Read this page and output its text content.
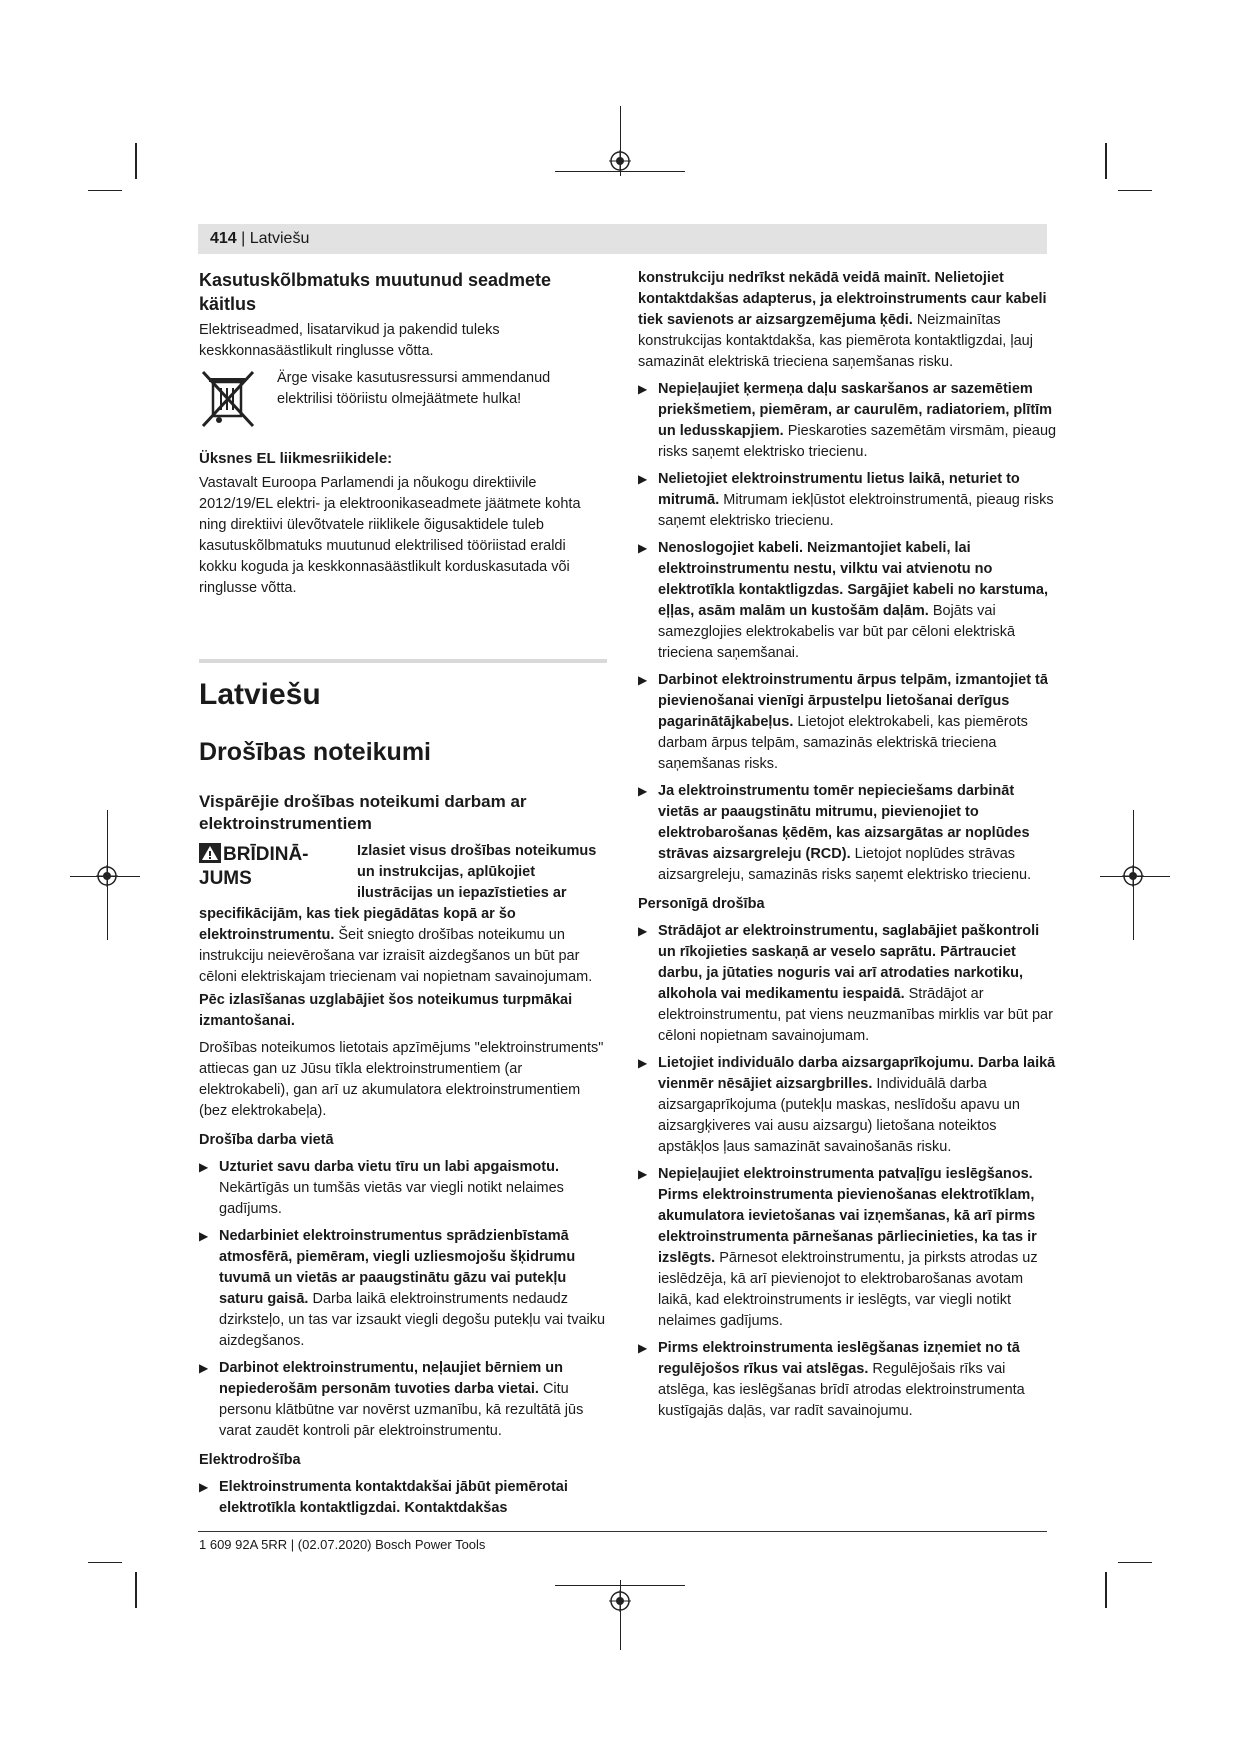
414 | Latviešu
Kasutuskõlbmatuks muutunud seadmete käitlus

Elektriseadmed, lisatarvikud ja pakendid tuleks keskkonnasäästlikult ringlusse võtta.

Ärge visake kasutusressursi ammendanud elektrilisi tööriistu olmejäätmete hulka!

Üksnes EL liikmesriikidele:

Vastavalt Euroopa Parlamendi ja nõukogu direktiivile 2012/19/EL elektri- ja elektroonikaseadmete jäätmete kohta ning direktiivi ülevõtvatele riiklikele õigusaktidele tuleb kasutuskõlbmatuks muutunud elektrilised tööriistad eraldi kokku koguda ja keskkonnasäästlikult korduskasutada või ringlusse võtta.

Latviešu
Drošības noteikumi
Vispārējie drošības noteikumi darbam ar elektroinstrumentiem
BRĪDINĀ-JUMS

Izlasiet visus drošības noteikumus un instrukcijas, aplūkojiet ilustrācijas un iepazīstieties ar specifikācijām, kas tiek piegādātas kopā ar šo elektroinstrumentu. Šeit sniegto drošības noteikumu un instrukciju neievērošana var izraisīt aizdegšanos un būt par cēloni elektriskajam triecienam vai nopietnam savainojumam.

Pēc izlasīšanas uzglabājiet šos noteikumus turpmākai izmantošanai.

Drošības noteikumos lietotais apzīmējums "elektroinstruments" attiecas gan uz Jūsu tīkla elektroinstrumentiem (ar elektrokabeli), gan arī uz akumulatora elektroinstrumentiem (bez elektrokabeļa).

Drošība darba vietā
▶ Uzturiet savu darba vietu tīru un labi apgaismotu. Nekārtīgās un tumšās vietās var viegli notikt nelaimes gadījums.
▶ Nedarbiniet elektroinstrumentus sprādzienbīstamā atmosfērā, piemēram, viegli uzliesmojošu šķidrumu tuvumā un vietās ar paaugstinātu gāzu vai putekļu saturu gaisā. Darba laikā elektroinstruments nedaudz dzirksteļo, un tas var izsaukt viegli degošu putekļu vai tvaiku aizdegšanos.
▶ Darbinot elektroinstrumentu, neļaujiet bērniem un nepiederošām personām tuvoties darba vietai. Citu personu klātbūtne var novērst uzmanību, kā rezultātā jūs varat zaudēt kontroli pār elektroinstrumentu.
Elektrodrošība
▶ Elektroinstrumenta kontaktdakšai jābūt piemērotai elektrotīkla kontaktligzdai. Kontaktdakšas

konstrukciju nedrīkst nekādā veidā mainīt. Nelietojiet kontaktdakšas adapterus, ja elektroinstruments caur kabeli tiek savienots ar aizsargzemējuma ķēdi. Neizmainītas konstrukcijas kontaktdakša, kas piemērota kontaktligzdai, ļauj samazināt elektriskā trieciena saņemšanas risku.

▶ Nepieļaujiet ķermeņa daļu saskaršanos ar sazemētiem priekšmetiem, piemēram, ar caurulēm, radiatoriem, plītīm un ledusskapjiem. Pieskaroties sazemētām virsmām, pieaug risks saņemt elektrisko triecienu.
▶ Nelietojiet elektroinstrumentu lietus laikā, neturiet to mitrumā. Mitrumam iekļūstot elektroinstrumentā, pieaug risks saņemt elektrisko triecienu.
▶ Nenoslogojiet kabeli. Neizmantojiet kabeli, lai elektroinstrumentu nestu, vilktu vai atvienotu no elektrotīkla kontaktligzdas. Sargājiet kabeli no karstuma, eļļas, asām malām un kustošām daļām. Bojāts vai samezglojies elektrokabelis var būt par cēloni elektriskā trieciena saņemšanai.
▶ Darbinot elektroinstrumentu ārpus telpām, izmantojiet tā pievienošanai vienīgi ārpustelpu lietošanai derīgus pagarinātājkabeļus. Lietojot elektrokabeli, kas piemērots darbam ārpus telpām, samazinās elektriskā trieciena saņemšanas risks.
▶ Ja elektroinstrumentu tomēr nepieciešams darbināt vietās ar paaugstinātu mitrumu, pievienojiet to elektrobarošanas ķēdēm, kas aizsargātas ar noplūdes strāvas aizsargreleju (RCD). Lietojot noplūdes strāvas aizsargreleju, samazinās risks saņemt elektrisko triecienu.
Personīgā drošība
▶ Strādājot ar elektroinstrumentu, saglabājiet paškontroli un rīkojieties saskaņā ar veselo saprātu. Pārtrauciet darbu, ja jūtaties noguris vai arī atrodaties narkotiku, alkohola vai medikamentu iespaidā. Strādājot ar elektroinstrumentu, pat viens neuzmanības mirklis var būt par cēloni nopietnam savainojumam.
▶ Lietojiet individuālo darba aizsargaprīkojumu. Darba laikā vienmēr nēsājiet aizsargbrilles. Individuālā darba aizsargaprīkojuma (putekļu maskas, neslīdošu apavu un aizsargķiveres vai ausu aizsargu) lietošana noteiktos apstākļos ļaus samazināt savainošanās risku.
▶ Nepieļaujiet elektroinstrumenta patvaļīgu ieslēgšanos. Pirms elektroinstrumenta pievienošanas elektrotīklam, akumulatora ievietošanas vai izņemšanas, kā arī pirms elektroinstrumenta pārnešanas pārliecinieties, ka tas ir izslēgts. Pārnesot elektroinstrumentu, ja pirksts atrodas uz ieslēdzēja, kā arī pievienojot to elektrobarošanas avotam laikā, kad elektroinstruments ir ieslēgts, var viegli notikt nelaimes gadījums.
▶ Pirms elektroinstrumenta ieslēgšanas izņemiet no tā regulējošos rīkus vai atslēgas. Regulējošais rīks vai atslēga, kas ieslēgšanas brīdī atrodas elektroinstrumenta kustīgajās daļās, var radīt savainojumu.
1 609 92A 5RR | (02.07.2020) Bosch Power Tools
